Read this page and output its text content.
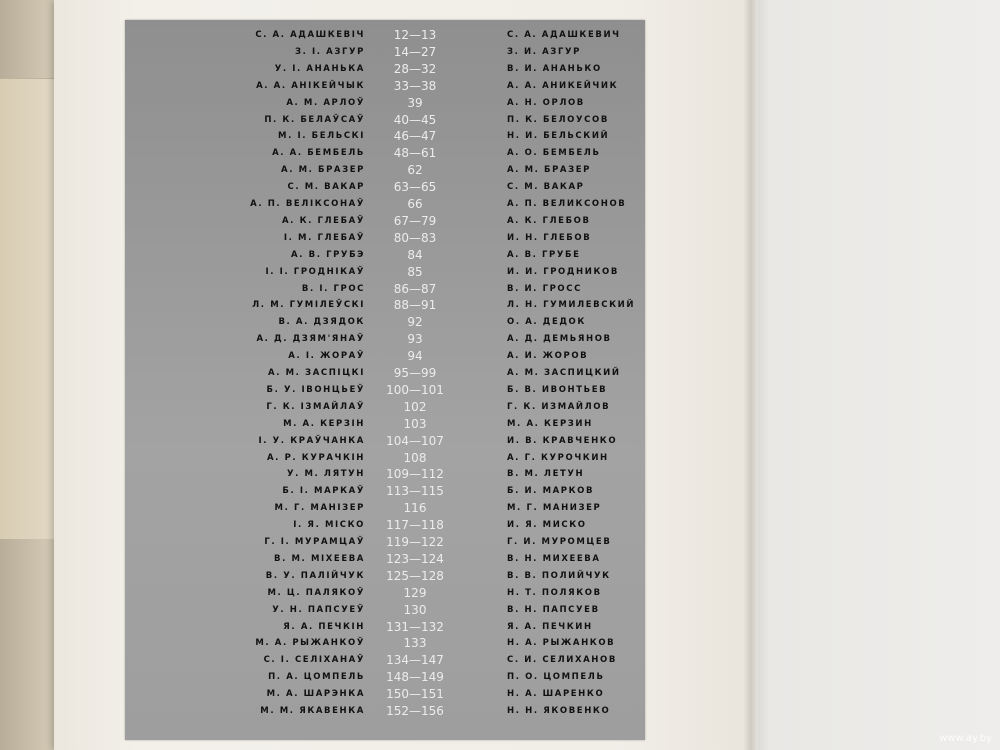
С. А. АДАШКЕВІЧ	12—13	С. А. АДАШКЕВИЧ
З. І. АЗГУР	14—27	З. И. АЗГУР
У. І. АНАНЬКА	28—32	В. И. АНАНЬКО
А. А. АНІКЕЙЧЫК	33—38	А. А. АНИКЕЙЧИК
А. М. АРЛОЎ	39	А. Н. ОРЛОВ
П. К. БЕЛАЎСАЎ	40—45	П. К. БЕЛОУСОВ
М. І. БЕЛЬСКІ	46—47	Н. И. БЕЛЬСКИЙ
А. А. БЕМБЕЛЬ	48—61	А. О. БЕМБЕЛЬ
А. М. БРАЗЕР	62	А. М. БРАЗЕР
С. М. ВАКАР	63—65	С. М. ВАКАР
А. П. ВЕЛІКСОНАЎ	66	А. П. ВЕЛИКСОНОВ
А. К. ГЛЕБАЎ	67—79	А. К. ГЛЕБОВ
І. М. ГЛЕБАЎ	80—83	И. Н. ГЛЕБОВ
А. В. ГРУБЭ	84	А. В. ГРУБЕ
І. І. ГРОДНІКАЎ	85	И. И. ГРОДНИКОВ
В. І. ГРОС	86—87	В. И. ГРОСС
Л. М. ГУМІЛЕЎСКІ	88—91	Л. Н. ГУМИЛЕВСКИЙ
В. А. ДЗЯДОК	92	О. А. ДЕДОК
А. Д. ДЗЯМ'ЯНАЎ	93	А. Д. ДЕМЬЯНОВ
А. І. ЖОРАЎ	94	А. И. ЖОРОВ
А. М. ЗАСПІЦКІ	95—99	А. М. ЗАСПИЦКИЙ
Б. У. ІВОНЦЬЕЎ	100—101	Б. В. ИВОНТЬЕВ
Г. К. ІЗМАЙЛАЎ	102	Г. К. ИЗМАЙЛОВ
М. А. КЕРЗІН	103	М. А. КЕРЗИН
І. У. КРАЎЧАНКА	104—107	И. В. КРАВЧЕНКО
А. Р. КУРАЧКІН	108	А. Г. КУРОЧКИН
У. М. ЛЯТУН	109—112	В. М. ЛЕТУН
Б. І. МАРКАЎ	113—115	Б. И. МАРКОВ
М. Г. МАНІЗЕР	116	М. Г. МАНИЗЕР
І. Я. МІСКО	117—118	И. Я. МИСКО
Г. І. МУРАМЦАЎ	119—122	Г. И. МУРОМЦЕВ
В. М. МІХЕЕВА	123—124	В. Н. МИХЕЕВА
В. У. ПАЛІЙЧУК	125—128	В. В. ПОЛИЙЧУК
М. Ц. ПАЛЯКОЎ	129	Н. Т. ПОЛЯКОВ
У. Н. ПАПСУЕЎ	130	В. Н. ПАПСУЕВ
Я. А. ПЕЧКІН	131—132	Я. А. ПЕЧКИН
М. А. РЫЖАНКОЎ	133	Н. А. РЫЖАНКОВ
С. І. СЕЛІХАНАЎ	134—147	С. И. СЕЛИХАНОВ
П. А. ЦОМПЕЛЬ	148—149	П. О. ЦОМПЕЛЬ
М. А. ШАРЭНКА	150—151	Н. А. ШАРЕНКО
М. М. ЯКАВЕНКА	152—156	Н. Н. ЯКОВЕНКО
www.ay.by
